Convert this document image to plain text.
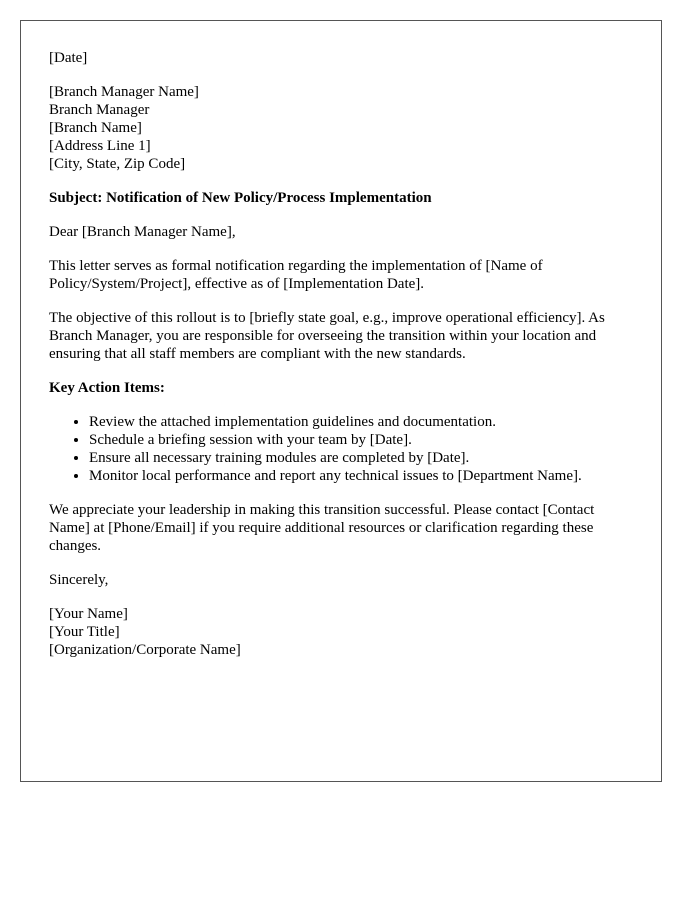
[Date]

[Branch Manager Name]
Branch Manager
[Branch Name]
[Address Line 1]
[City, State, Zip Code]

Subject: Notification of New Policy/Process Implementation

Dear [Branch Manager Name],

This letter serves as formal notification regarding the implementation of [Name of Policy/System/Project], effective as of [Implementation Date].

The objective of this rollout is to [briefly state goal, e.g., improve operational efficiency]. As Branch Manager, you are responsible for overseeing the transition within your location and ensuring that all staff members are compliant with the new standards.

Key Action Items:

• Review the attached implementation guidelines and documentation.
• Schedule a briefing session with your team by [Date].
• Ensure all necessary training modules are completed by [Date].
• Monitor local performance and report any technical issues to [Department Name].

We appreciate your leadership in making this transition successful. Please contact [Contact Name] at [Phone/Email] if you require additional resources or clarification regarding these changes.

Sincerely,

[Your Name]
[Your Title]
[Organization/Corporate Name]
